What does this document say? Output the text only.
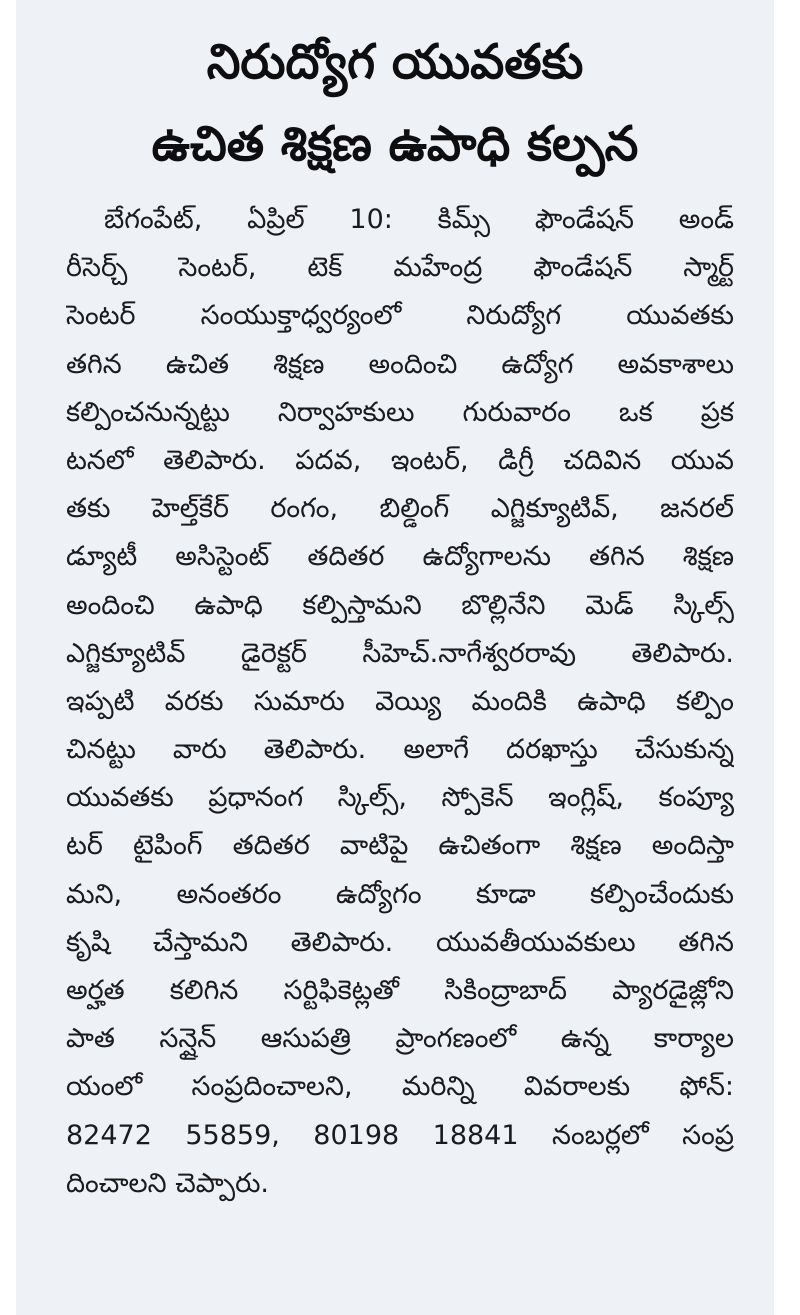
నిరుద్యోగ యువతకు
ఉచిత శిక్షణ ఉపాధి కల్పన
బేగంపేట్, ఏప్రిల్ 10: కిమ్స్ ఫౌండేషన్ అండ్
రీసెర్చ్ సెంటర్, టెక్ మహేంద్ర ఫౌండేషన్ స్మార్ట్
సెంటర్ సంయుక్తాధ్వర్యంలో నిరుద్యోగ యువతకు
తగిన ఉచిత శిక్షణ అందించి ఉద్యోగ అవకాశాలు
కల్పించనున్నట్టు నిర్వాహకులు గురువారం ఒక ప్రక
టనలో తెలిపారు. పదవ, ఇంటర్, డిగ్రీ చదివిన యువ
తకు హెల్త్‌కేర్ రంగం, బిల్డింగ్ ఎగ్జిక్యూటివ్, జనరల్
డ్యూటీ అసిస్టెంట్ తదితర ఉద్యోగాలను తగిన శిక్షణ
అందించి ఉపాధి కల్పిస్తామని బొల్లినేని మెడ్ స్కిల్స్
ఎగ్జిక్యూటివ్ డైరెక్టర్ సీహెచ్.నాగేశ్వరరావు తెలిపారు.
ఇప్పటి వరకు సుమారు వెయ్యి మందికి ఉపాధి కల్పిం
చినట్టు వారు తెలిపారు. అలాగే దరఖాస్తు చేసుకున్న
యువతకు ప్రధానంగ స్కిల్స్, స్పోకెన్ ఇంగ్లిష్, కంప్యూ
టర్ టైపింగ్ తదితర వాటిపై ఉచితంగా శిక్షణ అందిస్తా
మని, అనంతరం ఉద్యోగం కూడా కల్పించేందుకు
కృషి చేస్తామని తెలిపారు. యువతీయువకులు తగిన
అర్హత కలిగిన సర్టిఫికెట్లతో సికింద్రాబాద్ ప్యారడైజ్లోని
పాత సన్షైన్ ఆసుపత్రి ప్రాంగణంలో ఉన్న కార్యాల
యంలో సంప్రదించాలని, మరిన్ని వివరాలకు ఫోన్:
82472 55859, 80198 18841 నంబర్లలో సంప్ర
దించాలని చెప్పారు.
